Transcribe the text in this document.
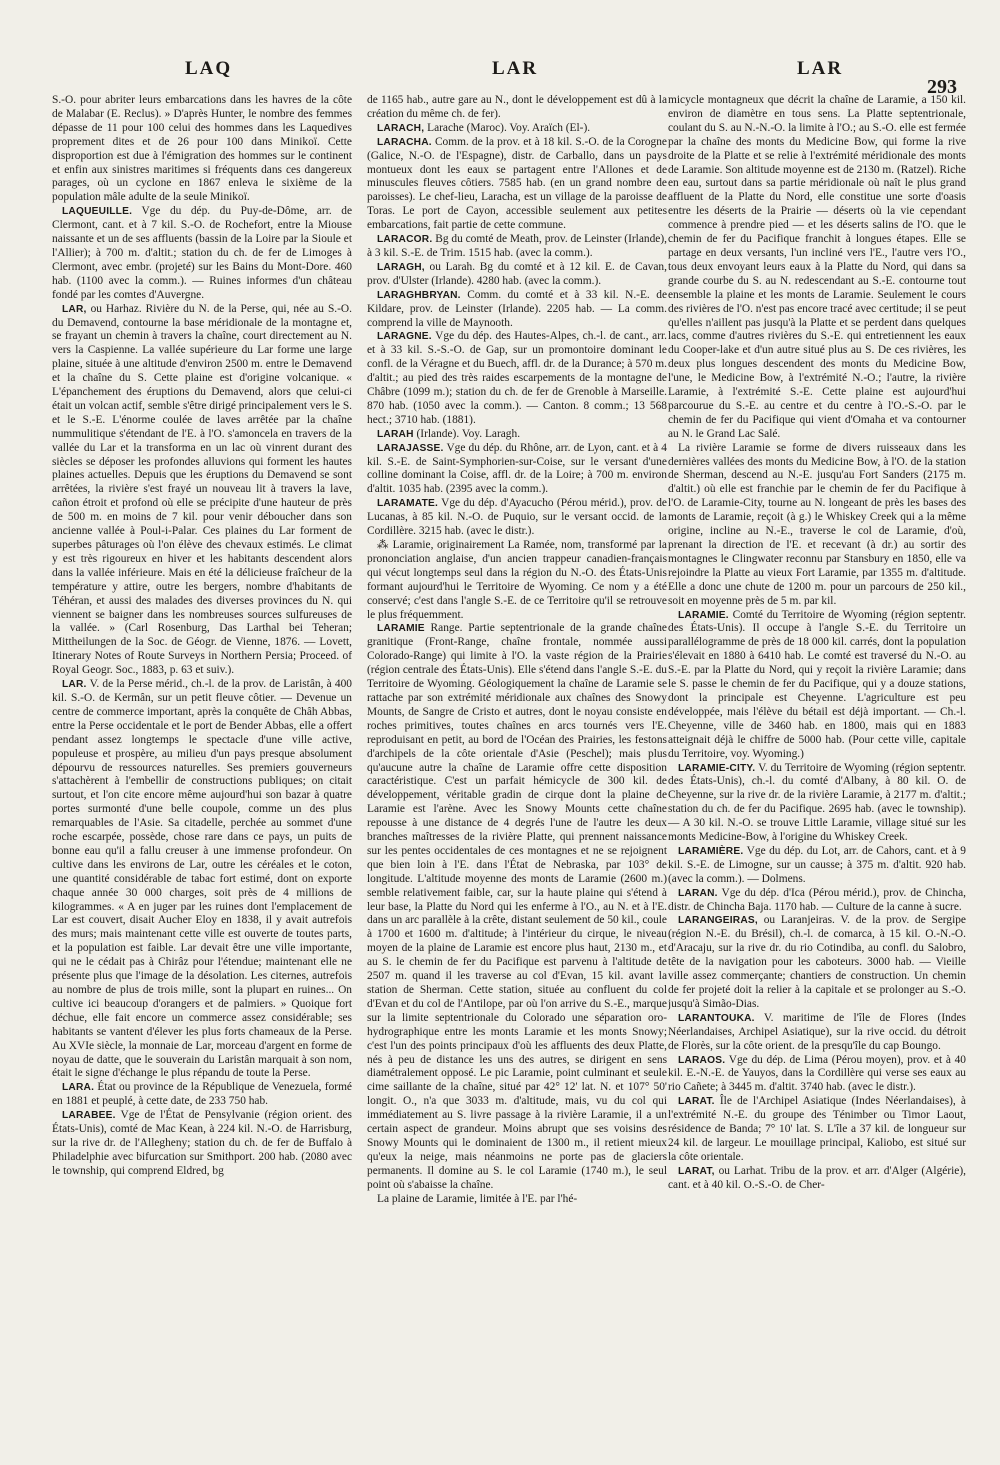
LAQ	LAR	LAR
293

S.-O. pour abriter leurs embarcations dans les havres de la côte de Malabar (E. Reclus). » D'après Hunter, le nombre des femmes dépasse de 11 pour 100 celui des hommes dans les Laquedives proprement dites et de 26 pour 100 dans Minikoï. Cette disproportion est due à l'émigration des hommes sur le continent et enfin aux sinistres maritimes si fréquents dans ces dangereux parages, où un cyclone en 1867 enleva le sixième de la population mâle adulte de la seule Minikoï.

LAQUEUILLE. Vge du dép. du Puy-de-Dôme, arr. de Clermont, cant. et à 7 kil. S.-O. de Rochefort, entre la Miouse naissante et un de ses affluents (bassin de la Loire par la Sioule et l'Allier); à 700 m. d'altit.; station du ch. de fer de Limoges à Clermont, avec embr. (projeté) sur les Bains du Mont-Dore. 460 hab. (1100 avec la comm.). — Ruines informes d'un château fondé par les comtes d'Auvergne.

LAR, ou Harhaz. Rivière du N. de la Perse, qui, née au S.-O. du Demavend, contourne la base méridionale de la montagne et, se frayant un chemin à travers la chaîne, court directement au N. vers la Caspienne. La vallée supérieure du Lar forme une large plaine, située à une altitude d'environ 2500 m. entre le Demavend et la chaîne du S. Cette plaine est d'origine volcanique. « L'épanchement des éruptions du Demavend, alors que celui-ci était un volcan actif, semble s'être dirigé principalement vers le S. et le S.-E. L'énorme coulée de laves arrêtée par la chaîne nummulitique s'étendant de l'E. à l'O. s'amoncela en travers de la vallée du Lar et la transforma en un lac où vinrent durant des siècles se déposer les profondes alluvions qui forment les hautes plaines actuelles. Depuis que les éruptions du Demavend se sont arrêtées, la rivière s'est frayé un nouveau lit à travers la lave, cañon étroit et profond où elle se précipite d'une hauteur de près de 500 m. en moins de 7 kil. pour venir déboucher dans son ancienne vallée à Poul-i-Palar. Ces plaines du Lar forment de superbes pâturages où l'on élève des chevaux estimés. Le climat y est très rigoureux en hiver et les habitants descendent alors dans la vallée inférieure. Mais en été la délicieuse fraîcheur de la température y attire, outre les bergers, nombre d'habitants de Téhéran, et aussi des malades des diverses provinces du N. qui viennent se baigner dans les nombreuses sources sulfureuses de la vallée. » (Carl Rosenburg, Das Larthal bei Teheran; Mittheilungen de la Soc. de Géogr. de Vienne, 1876. — Lovett, Itinerary Notes of Route Surveys in Northern Persia; Proceed. of Royal Geogr. Soc., 1883, p. 63 et suiv.).

LAR. V. de la Perse mérid., ch.-l. de la prov. de Laristân, à 400 kil. S.-O. de Kermân, sur un petit fleuve côtier. — Devenue un centre de commerce important, après la conquête de Châh Abbas, entre la Perse occidentale et le port de Bender Abbas, elle a offert pendant assez longtemps le spectacle d'une ville active, populeuse et prospère, au milieu d'un pays presque absolument dépourvu de ressources naturelles. Ses premiers gouverneurs s'attachèrent à l'embellir de constructions publiques; on citait surtout, et l'on cite encore même aujourd'hui son bazar à quatre portes surmonté d'une belle coupole, comme un des plus remarquables de l'Asie. Sa citadelle, perchée au sommet d'une roche escarpée, possède, chose rare dans ce pays, un puits de bonne eau qu'il a fallu creuser à une immense profondeur. On cultive dans les environs de Lar, outre les céréales et le coton, une quantité considérable de tabac fort estimé, dont on exporte chaque année 30 000 charges, soit près de 4 millions de kilogrammes. « A en juger par les ruines dont l'emplacement de Lar est couvert, disait Aucher Eloy en 1838, il y avait autrefois des murs; mais maintenant cette ville est ouverte de toutes parts, et la population est faible. Lar devait être une ville importante, qui ne le cédait pas à Chirâz pour l'étendue; maintenant elle ne présente plus que l'image de la désolation. Les citernes, autrefois au nombre de plus de trois mille, sont la plupart en ruines... On cultive ici beaucoup d'orangers et de palmiers. » Quoique fort déchue, elle fait encore un commerce assez considérable; ses habitants se vantent d'élever les plus forts chameaux de la Perse. Au XVIe siècle, la monnaie de Lar, morceau d'argent en forme de noyau de datte, que le souverain du Laristân marquait à son nom, était le signe d'échange le plus répandu de toute la Perse.

LARA. État ou province de la République de Venezuela, formé en 1881 et peuplé, à cette date, de 233 750 hab.

LARABEE. Vge de l'État de Pensylvanie (région orient. des États-Unis), comté de Mac Kean, à 224 kil. N.-O. de Harrisburg, sur la rive dr. de l'Allegheny; station du ch. de fer de Buffalo à Philadelphie avec bifurcation sur Smithport. 200 hab. (2080 avec le township, qui comprend Eldred, bg

de 1165 hab., autre gare au N., dont le développement est dû à la création du même ch. de fer).

LARACH, Larache (Maroc). Voy. Araïch (El-).

LARACHA. Comm. de la prov. et à 18 kil. S.-O. de la Corogne (Galice, N.-O. de l'Espagne), distr. de Carballo, dans un pays montueux dont les eaux se partagent entre l'Allones et de minuscules fleuves côtiers. 7585 hab. (en un grand nombre de paroisses). Le chef-lieu, Laracha, est un village de la paroisse de Toras. Le port de Cayon, accessible seulement aux petites embarcations, fait partie de cette commune.

LARACOR. Bg du comté de Meath, prov. de Leinster (Irlande), à 3 kil. S.-E. de Trim. 1515 hab. (avec la comm.).

LARAGH, ou Larah. Bg du comté et à 12 kil. E. de Cavan, prov. d'Ulster (Irlande). 4280 hab. (avec la comm.).

LARAGHBRYAN. Comm. du comté et à 33 kil. N.-E. de Kildare, prov. de Leinster (Irlande). 2205 hab. — La comm. comprend la ville de Maynooth.

LARAGNE. Vge du dép. des Hautes-Alpes, ch.-l. de cant., arr. et à 33 kil. S.-S.-O. de Gap, sur un promontoire dominant le confl. de la Véragne et du Buech, affl. dr. de la Durance; à 570 m. d'altit.; au pied des très raides escarpements de la montagne de Châbre (1099 m.); station du ch. de fer de Grenoble à Marseille. 870 hab. (1050 avec la comm.). — Canton. 8 comm.; 13 568 hect.; 3710 hab. (1881).

LARAH (Irlande). Voy. Laragh.

LARAJASSE. Vge du dép. du Rhône, arr. de Lyon, cant. et à 4 kil. S.-E. de Saint-Symphorien-sur-Coise, sur le versant d'une colline dominant la Coise, affl. dr. de la Loire; à 700 m. environ d'altit. 1035 hab. (2395 avec la comm.).

LARAMATE. Vge du dép. d'Ayacucho (Pérou mérid.), prov. de Lucanas, à 85 kil. N.-O. de Puquio, sur le versant occid. de la Cordillère. 3215 hab. (avec le distr.).

⁂ Laramie, originairement La Ramée, nom, transformé par la prononciation anglaise, d'un ancien trappeur canadien-français qui vécut longtemps seul dans la région du N.-O. des États-Unis formant aujourd'hui le Territoire de Wyoming. Ce nom y a été conservé; c'est dans l'angle S.-E. de ce Territoire qu'il se retrouve le plus fréquemment.

LARAMIE Range. Partie septentrionale de la grande chaîne granitique (Front-Range, chaîne frontale, nommée aussi Colorado-Range) qui limite à l'O. la vaste région de la Prairie (région centrale des États-Unis). Elle s'étend dans l'angle S.-E. du Territoire de Wyoming. Géologiquement la chaîne de Laramie se rattache par son extrémité méridionale aux chaînes des Snowy Mounts, de Sangre de Cristo et autres, dont le noyau consiste en roches primitives, toutes chaînes en arcs tournés vers l'E. reproduisant en petit, au bord de l'Océan des Prairies, les festons d'archipels de la côte orientale d'Asie (Peschel); mais plus qu'aucune autre la chaîne de Laramie offre cette disposition caractéristique. C'est un parfait hémicycle de 300 kil. de développement, véritable gradin de cirque dont la plaine de Laramie est l'arène. Avec les Snowy Mounts cette chaîne repousse à une distance de 4 degrés l'une de l'autre les deux branches maîtresses de la rivière Platte, qui prennent naissance sur les pentes occidentales de ces montagnes et ne se rejoignent que bien loin à l'E. dans l'État de Nebraska, par 103° de longitude. L'altitude moyenne des monts de Laramie (2600 m.) semble relativement faible, car, sur la haute plaine qui s'étend à leur base, la Platte du Nord qui les enferme à l'O., au N. et à l'E. dans un arc parallèle à la crête, distant seulement de 50 kil., coule à 1700 et 1600 m. d'altitude; à l'intérieur du cirque, le niveau moyen de la plaine de Laramie est encore plus haut, 2130 m., et au S. le chemin de fer du Pacifique est parvenu à l'altitude de 2507 m. quand il les traverse au col d'Evan, 15 kil. avant la station de Sherman. Cette station, située au confluent du col d'Evan et du col de l'Antilope, par où l'on arrive du S.-E., marque sur la limite septentrionale du Colorado une séparation oro-hydrographique entre les monts Laramie et les monts Snowy; c'est l'un des points principaux d'où les affluents des deux Platte, nés à peu de distance les uns des autres, se dirigent en sens diamétralement opposé. Le pic Laramie, point culminant et seule cime saillante de la chaîne, situé par 42° 12' lat. N. et 107° 50' longit. O., n'a que 3033 m. d'altitude, mais, vu du col qui immédiatement au S. livre passage à la rivière Laramie, il a un certain aspect de grandeur. Moins abrupt que ses voisins des Snowy Mounts qui le dominaient de 1300 m., il retient mieux qu'eux la neige, mais néanmoins ne porte pas de glaciers permanents. Il domine au S. le col Laramie (1740 m.), le seul point où s'abaisse la chaîne.

La plaine de Laramie, limitée à l'E. par l'hé-

micycle montagneux que décrit la chaîne de Laramie, a 150 kil. environ de diamètre en tous sens. La Platte septentrionale, coulant du S. au N.-N.-O. la limite à l'O.; au S.-O. elle est fermée par la chaîne des monts du Medicine Bow, qui forme la rive droite de la Platte et se relie à l'extrémité méridionale des monts de Laramie. Son altitude moyenne est de 2130 m. (Ratzel). Riche en eau, surtout dans sa partie méridionale où naît le plus grand affluent de la Platte du Nord, elle constitue une sorte d'oasis entre les déserts de la Prairie — déserts où la vie cependant commence à prendre pied — et les déserts salins de l'O. que le chemin de fer du Pacifique franchit à longues étapes. Elle se partage en deux versants, l'un incliné vers l'E., l'autre vers l'O., tous deux envoyant leurs eaux à la Platte du Nord, qui dans sa grande courbe du S. au N. redescendant au S.-E. contourne tout ensemble la plaine et les monts de Laramie. Seulement le cours des rivières de l'O. n'est pas encore tracé avec certitude; il se peut qu'elles n'aillent pas jusqu'à la Platte et se perdent dans quelques lacs, comme d'autres rivières du S.-E. qui entretiennent les eaux du Cooper-lake et d'un autre situé plus au S. De ces rivières, les deux plus longues descendent des monts du Medicine Bow, l'une, le Medicine Bow, à l'extrémité N.-O.; l'autre, la rivière Laramie, à l'extrémité S.-E. Cette plaine est aujourd'hui parcourue du S.-E. au centre et du centre à l'O.-S.-O. par le chemin de fer du Pacifique qui vient d'Omaha et va contourner au N. le Grand Lac Salé.

La rivière Laramie se forme de divers ruisseaux dans les dernières vallées des monts du Medicine Bow, à l'O. de la station de Sherman, descend au N.-E. jusqu'au Fort Sanders (2175 m. d'altit.) où elle est franchie par le chemin de fer du Pacifique à l'O. de Laramie-City, tourne au N. longeant de près les bases des monts de Laramie, reçoit (à g.) le Whiskey Creek qui a la même origine, incline au N.-E., traverse le col de Laramie, d'où, prenant la direction de l'E. et recevant (à dr.) au sortir des montagnes le Clingwater reconnu par Stansbury en 1850, elle va rejoindre la Platte au vieux Fort Laramie, par 1355 m. d'altitude. Elle a donc une chute de 1200 m. pour un parcours de 250 kil., soit en moyenne près de 5 m. par kil.

LARAMIE. Comté du Territoire de Wyoming (région septentr. des États-Unis). Il occupe à l'angle S.-E. du Territoire un parallélogramme de près de 18 000 kil. carrés, dont la population s'élevait en 1880 à 6410 hab. Le comté est traversé du N.-O. au S.-E. par la Platte du Nord, qui y reçoit la rivière Laramie; dans le S. passe le chemin de fer du Pacifique, qui y a douze stations, dont la principale est Cheyenne. L'agriculture est peu développée, mais l'élève du bétail est déjà important. — Ch.-l. Cheyenne, ville de 3460 hab. en 1800, mais qui en 1883 atteignait déjà le chiffre de 5000 hab. (Pour cette ville, capitale du Territoire, voy. Wyoming.)

LARAMIE-CITY. V. du Territoire de Wyoming (région septentr. des États-Unis), ch.-l. du comté d'Albany, à 80 kil. O. de Cheyenne, sur la rive dr. de la rivière Laramie, à 2177 m. d'altit.; station du ch. de fer du Pacifique. 2695 hab. (avec le township). — A 30 kil. N.-O. se trouve Little Laramie, village situé sur les monts Medicine-Bow, à l'origine du Whiskey Creek.

LARAMIÈRE. Vge du dép. du Lot, arr. de Cahors, cant. et à 9 kil. S.-E. de Limogne, sur un causse; à 375 m. d'altit. 920 hab. (avec la comm.). — Dolmens.

LARAN. Vge du dép. d'Ica (Pérou mérid.), prov. de Chincha, distr. de Chincha Baja. 1170 hab. — Culture de la canne à sucre.

LARANGEIRAS, ou Laranjeiras. V. de la prov. de Sergipe (région N.-E. du Brésil), ch.-l. de comarca, à 15 kil. O.-N.-O. d'Aracaju, sur la rive dr. du rio Cotindiba, au confl. du Salobro, tête de la navigation pour les caboteurs. 3000 hab. — Vieille ville assez commerçante; chantiers de construction. Un chemin de fer projeté doit la relier à la capitale et se prolonger au S.-O. jusqu'à Simão-Dias.

LARANTOUKA. V. maritime de l'île de Flores (Indes Néerlandaises, Archipel Asiatique), sur la rive occid. du détroit de Florès, sur la côte orient. de la presqu'île du cap Boungo.

LARAOS. Vge du dép. de Lima (Pérou moyen), prov. et à 40 kil. E.-N.-E. de Yauyos, dans la Cordillère qui verse ses eaux au rio Cañete; à 3445 m. d'altit. 3740 hab. (avec le distr.).

LARAT. Île de l'Archipel Asiatique (Indes Néerlandaises), à l'extrémité N.-E. du groupe des Ténimber ou Timor Laout, résidence de Banda; 7° 10' lat. S. L'île a 37 kil. de longueur sur 24 kil. de largeur. Le mouillage principal, Kaliobo, est situé sur la côte orientale.

LARAT, ou Larhat. Tribu de la prov. et arr. d'Alger (Algérie), cant. et à 40 kil. O.-S.-O. de Cher-
